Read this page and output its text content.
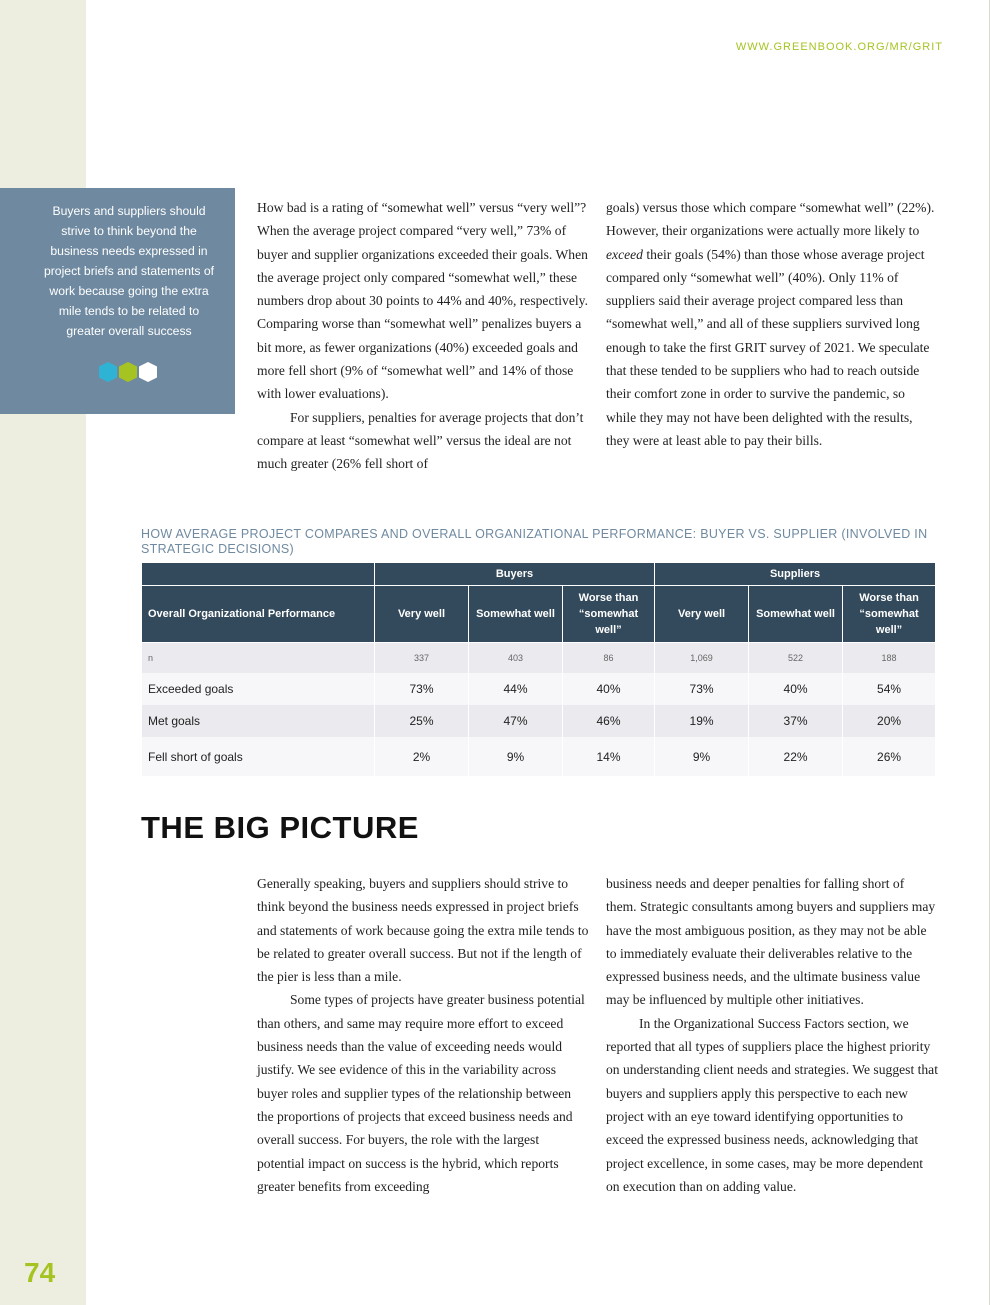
WWW.GREENBOOK.ORG/MR/GRIT
Buyers and suppliers should strive to think beyond the business needs expressed in project briefs and statements of work because going the extra mile tends to be related to greater overall success

How bad is a rating of “somewhat well” versus “very well”? When the average project compared “very well,” 73% of buyer and supplier organizations exceeded their goals. When the average project only compared “somewhat well,” these numbers drop about 30 points to 44% and 40%, respectively. Comparing worse than “somewhat well” penalizes buyers a bit more, as fewer organizations (40%) exceeded goals and more fell short (9% of “somewhat well” and 14% of those with lower evaluations).

For suppliers, penalties for average projects that don’t compare at least “somewhat well” versus the ideal are not much greater (26% fell short of

goals) versus those which compare “somewhat well” (22%). However, their organizations were actually more likely to exceed their goals (54%) than those whose average project compared only “somewhat well” (40%). Only 11% of suppliers said their average project compared less than “somewhat well,” and all of these suppliers survived long enough to take the first GRIT survey of 2021. We speculate that these tended to be suppliers who had to reach outside their comfort zone in order to survive the pandemic, so while they may not have been delighted with the results, they were at least able to pay their bills.

HOW AVERAGE PROJECT COMPARES AND OVERALL ORGANIZATIONAL PERFORMANCE: BUYER VS. SUPPLIER (INVOLVED IN STRATEGIC DECISIONS)
	Buyers			Suppliers		
Overall Organizational Performance	Very well	Somewhat well	Worse than “somewhat well”	Very well	Somewhat well	Worse than “somewhat well”
n	337	403	86	1,069	522	188
Exceeded goals	73%	44%	40%	73%	40%	54%
Met goals	25%	47%	46%	19%	37%	20%
Fell short of goals	2%	9%	14%	9%	22%	26%
THE BIG PICTURE

Generally speaking, buyers and suppliers should strive to think beyond the business needs expressed in project briefs and statements of work because going the extra mile tends to be related to greater overall success. But not if the length of the pier is less than a mile.

Some types of projects have greater business potential than others, and same may require more effort to exceed business needs than the value of exceeding needs would justify. We see evidence of this in the variability across buyer roles and supplier types of the relationship between the proportions of projects that exceed business needs and overall success. For buyers, the role with the largest potential impact on success is the hybrid, which reports greater benefits from exceeding

business needs and deeper penalties for falling short of them. Strategic consultants among buyers and suppliers may have the most ambiguous position, as they may not be able to immediately evaluate their deliverables relative to the expressed business needs, and the ultimate business value may be influenced by multiple other initiatives.

In the Organizational Success Factors section, we reported that all types of suppliers place the highest priority on understanding client needs and strategies. We suggest that buyers and suppliers apply this perspective to each new project with an eye toward identifying opportunities to exceed the expressed business needs, acknowledging that project excellence, in some cases, may be more dependent on execution than on adding value.

74
